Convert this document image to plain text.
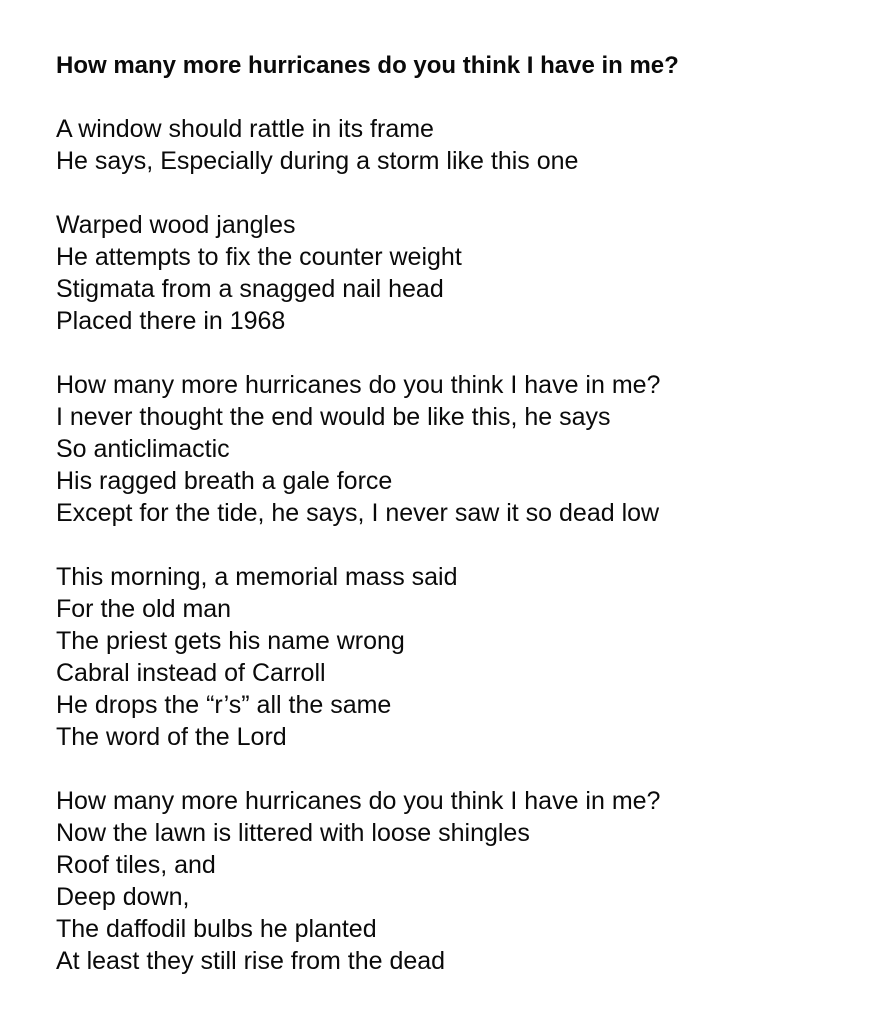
How many more hurricanes do you think I have in me?
A window should rattle in its frame
He says, Especially during a storm like this one
Warped wood jangles
He attempts to fix the counter weight
Stigmata from a snagged nail head
Placed there in 1968
How many more hurricanes do you think I have in me?
I never thought the end would be like this, he says
So anticlimactic
His ragged breath a gale force
Except for the tide, he says, I never saw it so dead low
This morning, a memorial mass said
For the old man
The priest gets his name wrong
Cabral instead of Carroll
He drops the “r’s” all the same
The word of the Lord
How many more hurricanes do you think I have in me?
Now the lawn is littered with loose shingles
Roof tiles, and
Deep down,
The daffodil bulbs he planted
At least they still rise from the dead
